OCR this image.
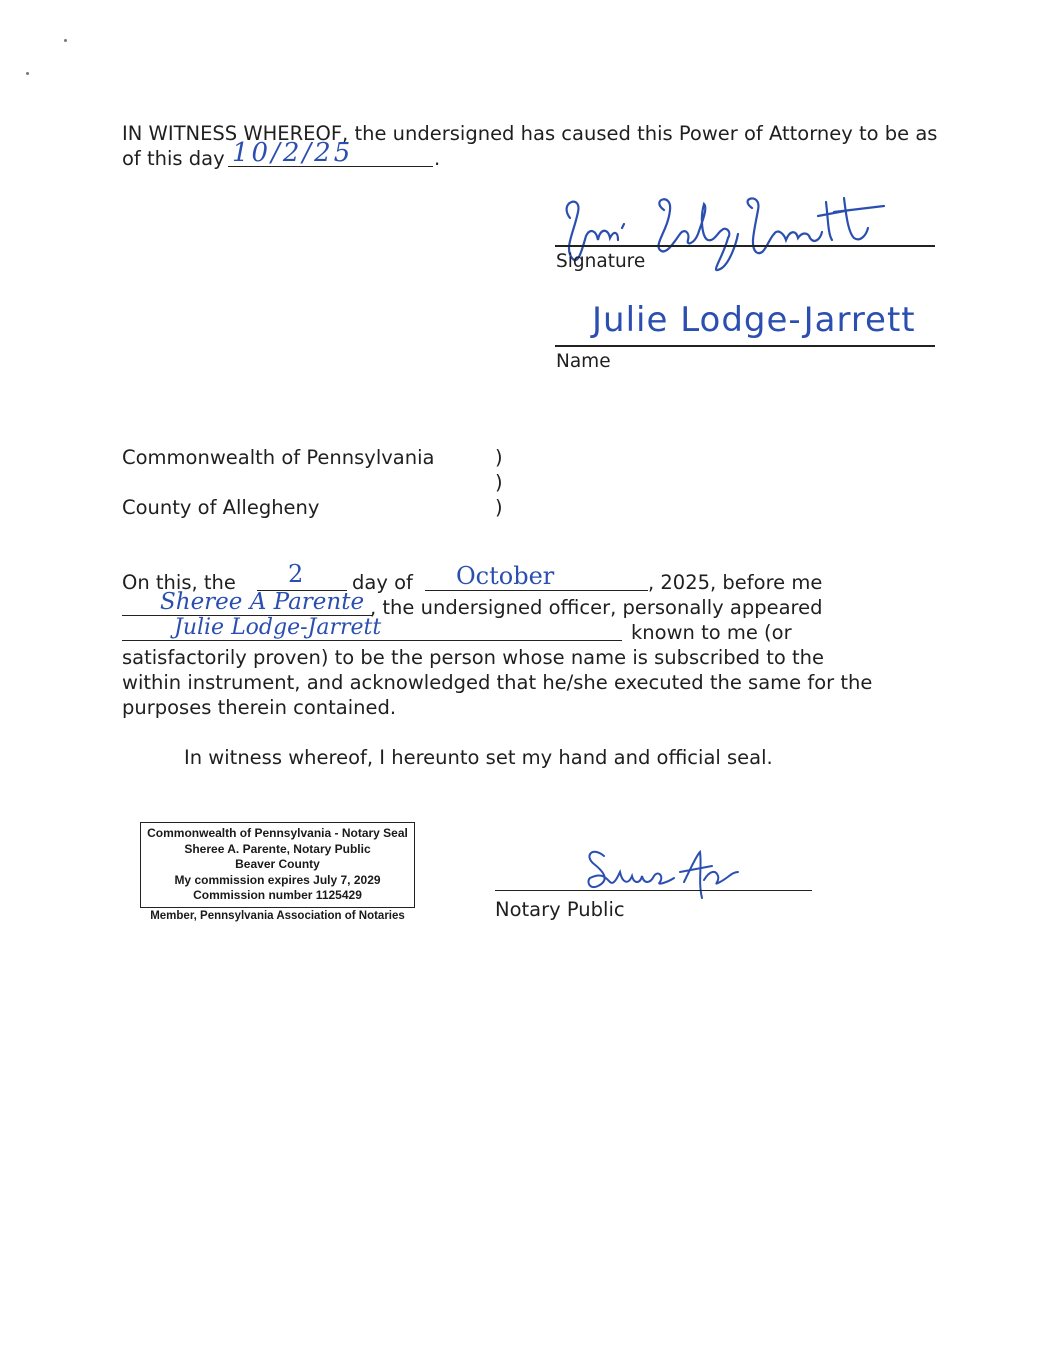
IN WITNESS WHEREOF, the undersigned has caused this Power of Attorney to be as
of this day	.
10/2/25
Signature
Julie Lodge-Jarrett
Name
Commonwealth of Pennsylvania
County of Allegheny
)
)
)
On this, the 2 day of October	, 2025, before me
Sheree A Parente , the undersigned officer, personally appeared
Julie Lodge-Jarrett	known to me (or
satisfactorily proven) to be the person whose name is subscribed to the
within instrument, and acknowledged that he/she executed the same for the
purposes therein contained.
In witness whereof, I hereunto set my hand and official seal.
Commonwealth of Pennsylvania - Notary Seal
Sheree A. Parente, Notary Public
Beaver County
My commission expires July 7, 2029
Commission number 1125429
Member, Pennsylvania Association of Notaries	Notary Public
